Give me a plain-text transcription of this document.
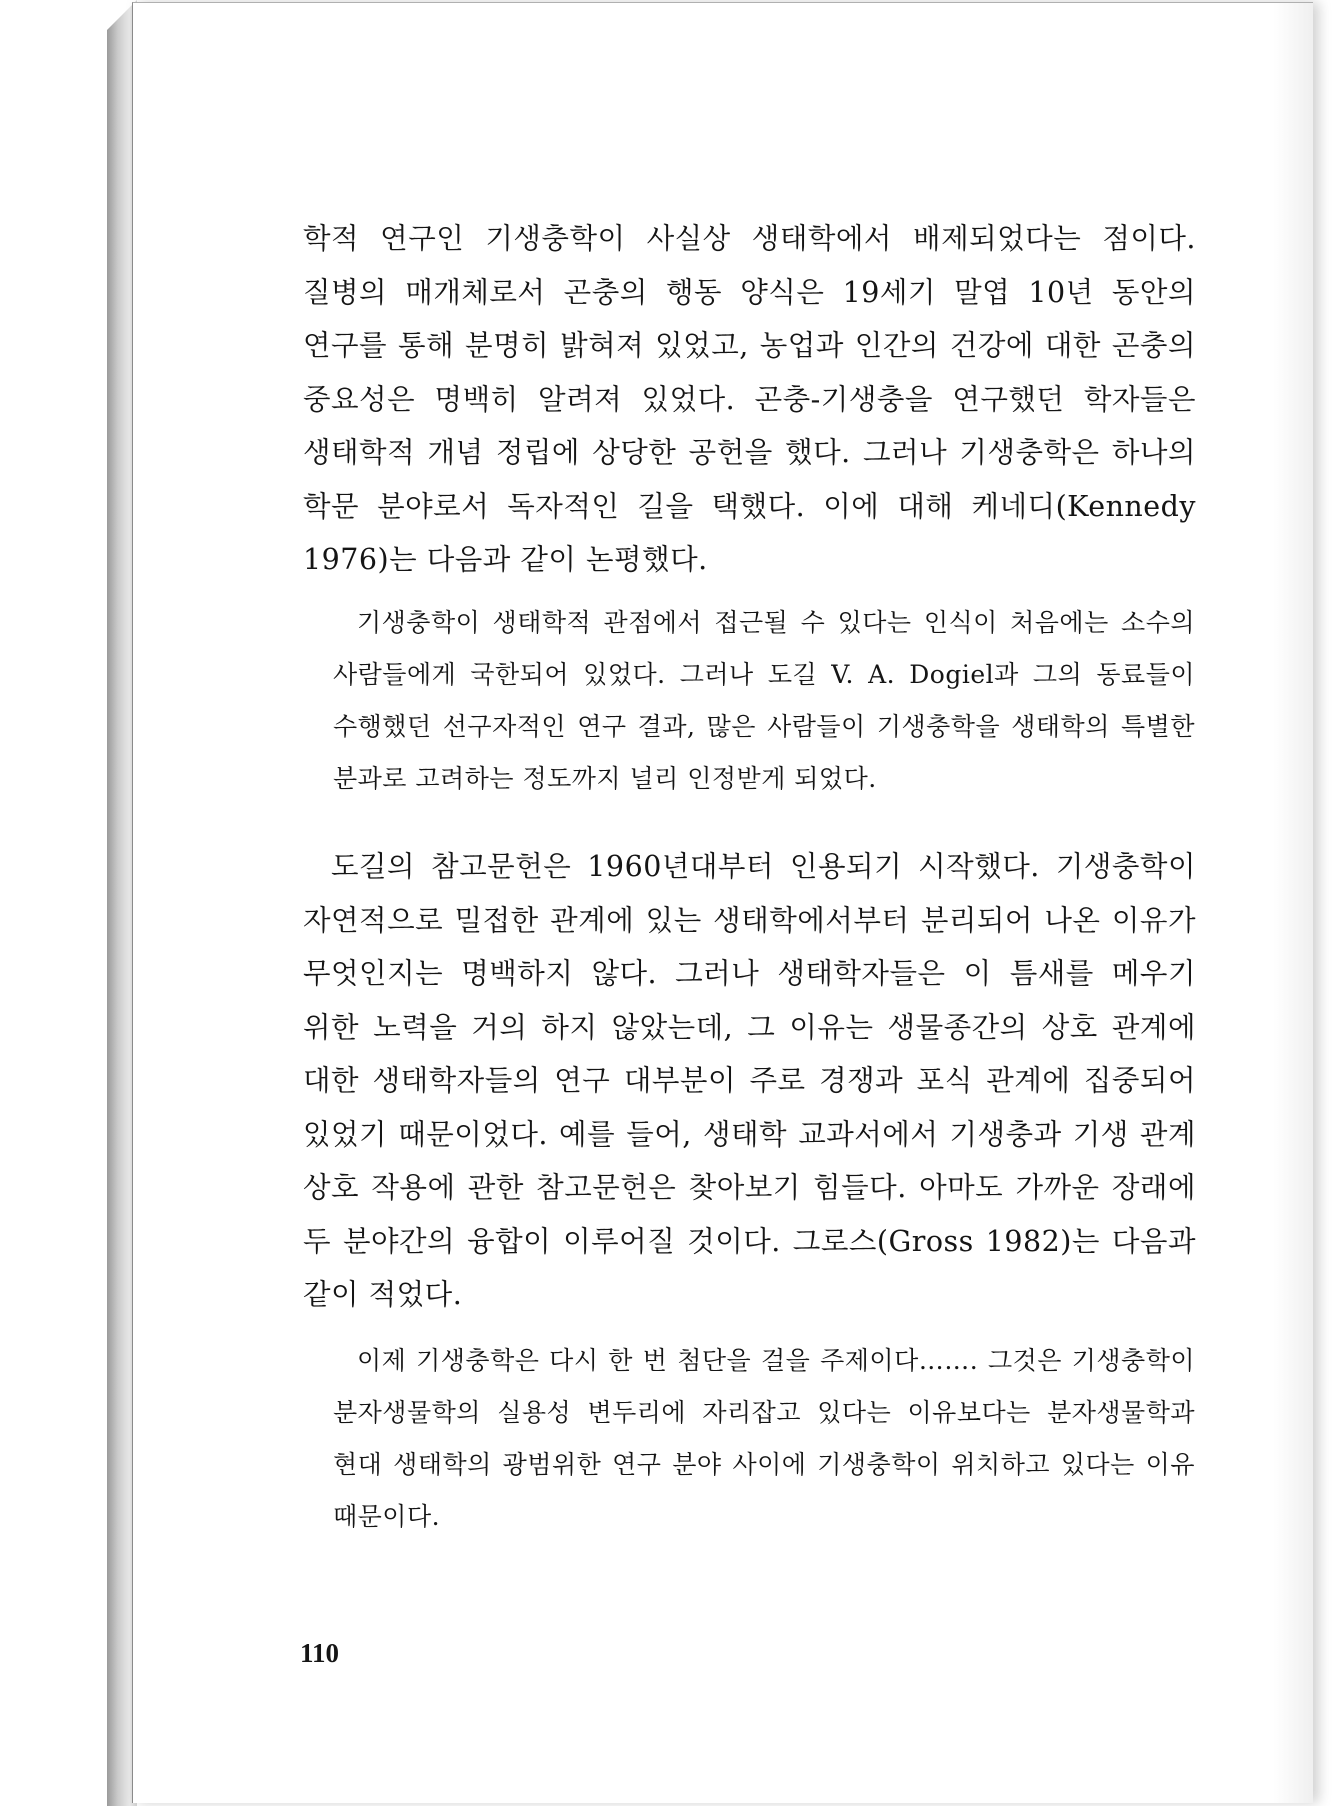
학적 연구인 기생충학이 사실상 생태학에서 배제되었다는 점이다. 질병의 매개체로서 곤충의 행동 양식은 19세기 말엽 10년 동안의 연구를 통해 분명히 밝혀져 있었고, 농업과 인간의 건강에 대한 곤충의 중요성은 명백히 알려져 있었다. 곤충-기생충을 연구했던 학자들은 생태학적 개념 정립에 상당한 공헌을 했다. 그러나 기생충학은 하나의 학문 분야로서 독자적인 길을 택했다. 이에 대해 케네디(Kennedy 1976)는 다음과 같이 논평했다.

기생충학이 생태학적 관점에서 접근될 수 있다는 인식이 처음에는 소수의 사람들에게 국한되어 있었다. 그러나 도길 V. A. Dogiel과 그의 동료들이 수행했던 선구자적인 연구 결과, 많은 사람들이 기생충학을 생태학의 특별한 분과로 고려하는 정도까지 널리 인정받게 되었다.

도길의 참고문헌은 1960년대부터 인용되기 시작했다. 기생충학이 자연적으로 밀접한 관계에 있는 생태학에서부터 분리되어 나온 이유가 무엇인지는 명백하지 않다. 그러나 생태학자들은 이 틈새를 메우기 위한 노력을 거의 하지 않았는데, 그 이유는 생물종간의 상호 관계에 대한 생태학자들의 연구 대부분이 주로 경쟁과 포식 관계에 집중되어 있었기 때문이었다. 예를 들어, 생태학 교과서에서 기생충과 기생 관계 상호 작용에 관한 참고문헌은 찾아보기 힘들다. 아마도 가까운 장래에 두 분야간의 융합이 이루어질 것이다. 그로스(Gross 1982)는 다음과 같이 적었다.

이제 기생충학은 다시 한 번 첨단을 걸을 주제이다……. 그것은 기생충학이 분자생물학의 실용성 변두리에 자리잡고 있다는 이유보다는 분자생물학과 현대 생태학의 광범위한 연구 분야 사이에 기생충학이 위치하고 있다는 이유 때문이다.

110
